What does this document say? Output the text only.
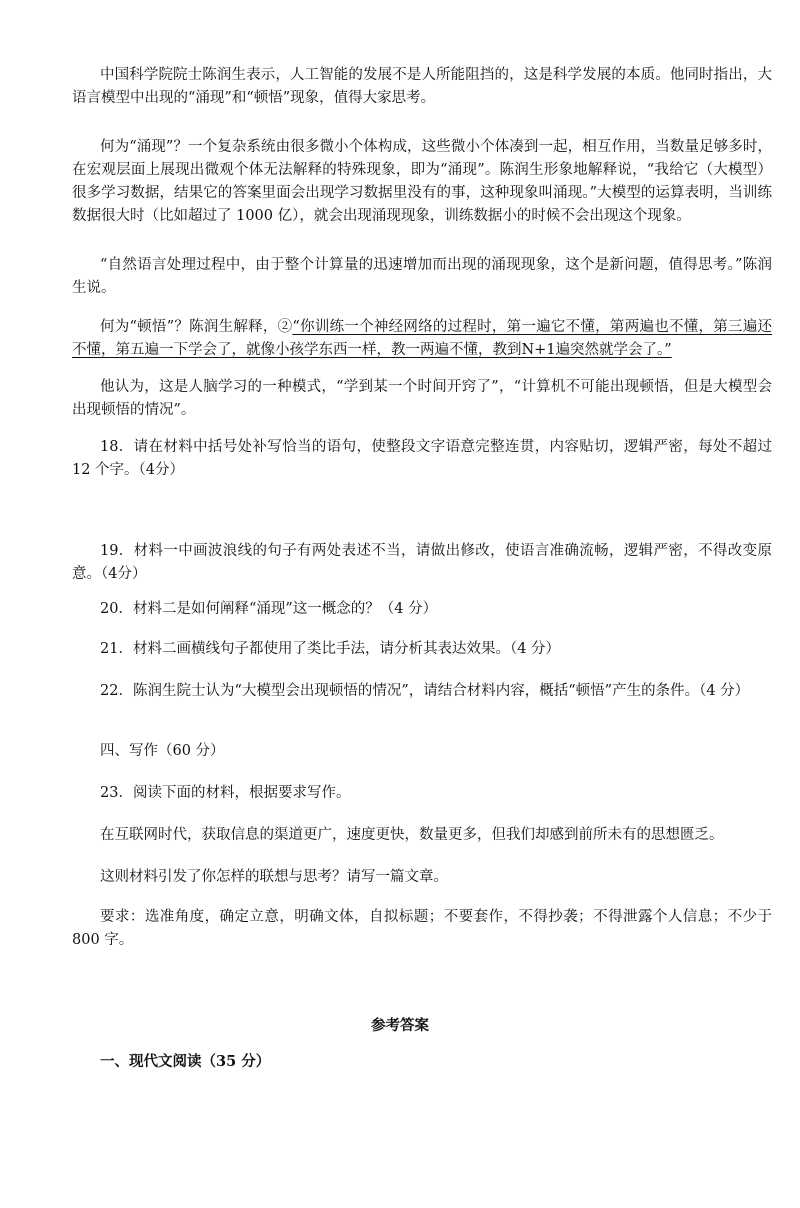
中国科学院院士陈润生表示，人工智能的发展不是人所能阻挡的，这是科学发展的本质。他同时指出，大语言模型中出现的“涌现”和“顿悟”现象，值得大家思考。

何为“涌现”？一个复杂系统由很多微小个体构成，这些微小个体凑到一起，相互作用，当数量足够多时，在宏观层面上展现出微观个体无法解释的特殊现象，即为“涌现”。陈润生形象地解释说，“我给它（大模型）很多学习数据，结果它的答案里面会出现学习数据里没有的事，这种现象叫涌现。”大模型的运算表明，当训练数据很大时（比如超过了 1000 亿），就会出现涌现现象，训练数据小的时候不会出现这个现象。

“自然语言处理过程中，由于整个计算量的迅速增加而出现的涌现现象，这个是新问题，值得思考。”陈润生说。

何为“顿悟”？陈润生解释，②“你训练一个神经网络的过程时，第一遍它不懂，第两遍也不懂，第三遍还不懂，第五遍一下学会了，就像小孩学东西一样，教一两遍不懂，教到N+1遍突然就学会了。”

他认为，这是人脑学习的一种模式，“学到某一个时间开窍了”，“计算机不可能出现顿悟，但是大模型会出现顿悟的情况”。

18．请在材料中括号处补写恰当的语句，使整段文字语意完整连贯，内容贴切，逻辑严密，每处不超过 12 个字。（4分）

19．材料一中画波浪线的句子有两处表述不当，请做出修改，使语言准确流畅，逻辑严密，不得改变原意。（4分）

20．材料二是如何阐释“涌现”这一概念的？（4 分）

21．材料二画横线句子都使用了类比手法，请分析其表达效果。（4 分）

22．陈润生院士认为“大模型会出现顿悟的情况”，请结合材料内容，概括“顿悟”产生的条件。（4 分）

四、写作（60 分）

23．阅读下面的材料，根据要求写作。

在互联网时代，获取信息的渠道更广，速度更快，数量更多，但我们却感到前所未有的思想匮乏。

这则材料引发了你怎样的联想与思考？请写一篇文章。

要求：选准角度，确定立意，明确文体，自拟标题；不要套作，不得抄袭；不得泄露个人信息；不少于 800 字。

参考答案

一、现代文阅读（35 分）
